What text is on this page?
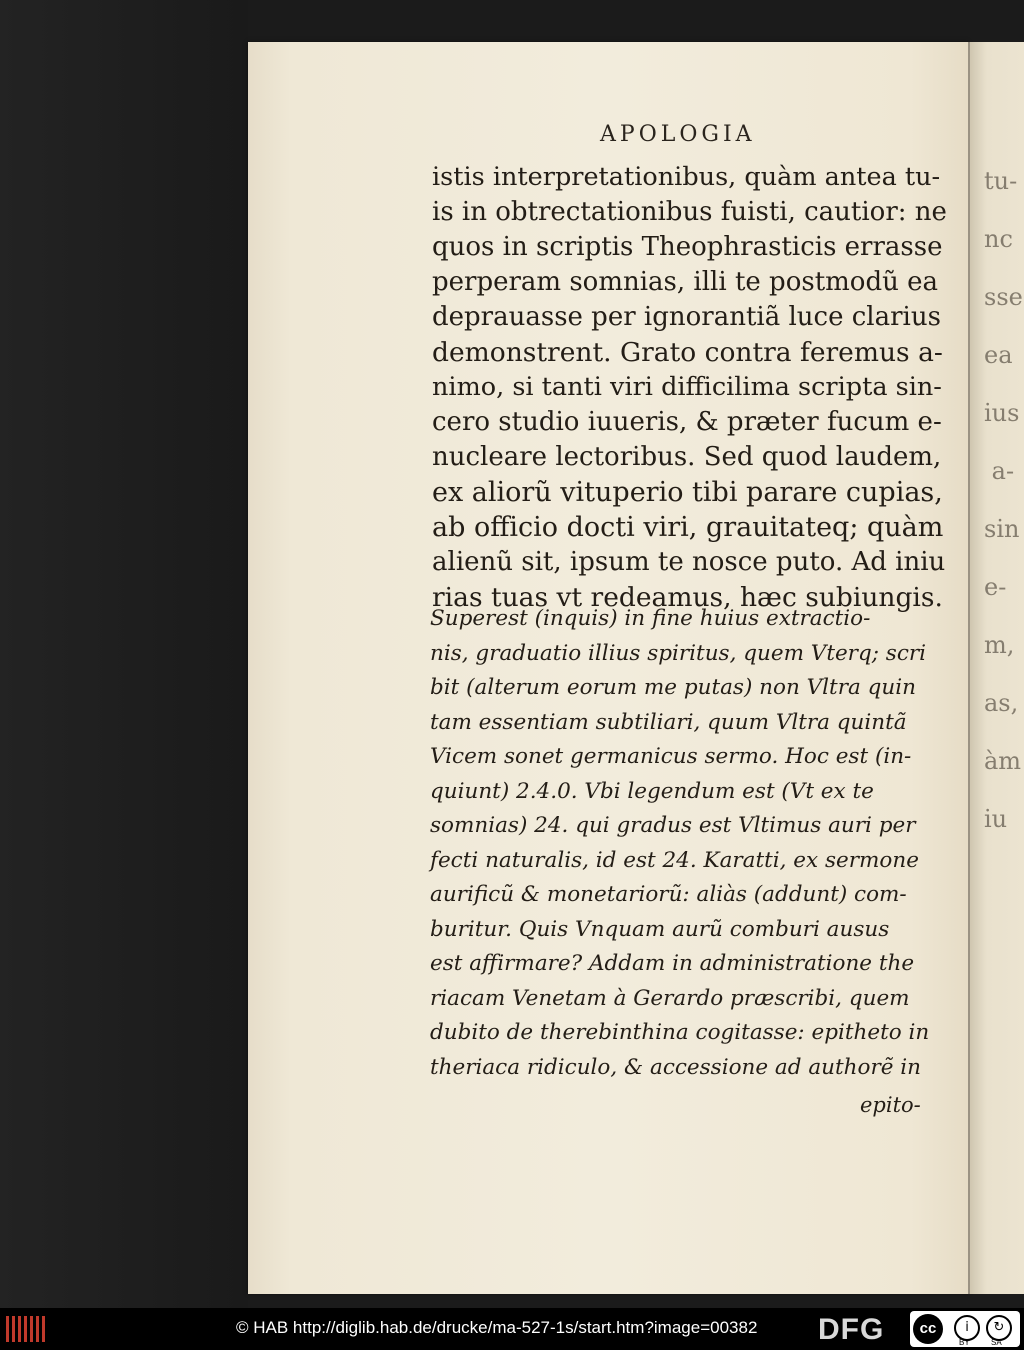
tu-
nc
sse
ea
ius
a-
sin
e-
m,
as,
àm
iu

APOLOGIA
istis interpretationibus, quàm antea tu-
is in obtrectationibus fuisti, cautior: ne
quos in scriptis Theophrasticis errasse
perperam somnias, illi te postmodũ ea
deprauasse per ignorantiã luce clarius
demonstrent. Grato contra feremus a-
nimo, si tanti viri difficilima scripta sin-
cero studio iuueris, & præter fucum e-
nucleare lectoribus. Sed quod laudem,
ex aliorũ vituperio tibi parare cupias,
ab officio docti viri, grauitateq; quàm
alienũ sit, ipsum te nosce puto. Ad iniu
rias tuas vt redeamus, hæc subiungis.
Superest (inquis) in fine huius extractio-
nis, graduatio illius spiritus, quem Vterq; scri
bit (alterum eorum me putas) non Vltra quin
tam essentiam subtiliari, quum Vltra quintã
Vicem sonet germanicus sermo. Hoc est (in-
quiunt) 2.4.0. Vbi legendum est (Vt ex te
somnias) 24. qui gradus est Vltimus auri per
fecti naturalis, id est 24. Karatti, ex sermone
aurificũ & monetariorũ: aliàs (addunt) com-
buritur. Quis Vnquam aurũ comburi ausus
est affirmare? Addam in administratione the
riacam Venetam à Gerardo præscribi, quem
dubito de therebinthina cogitasse: epitheto in
theriaca ridiculo, & accessione ad authorẽ in
epito-
© HAB http://diglib.hab.de/drucke/ma-527-1s/start.htm?image=00382 DFG	cc	i
BY
↻
SA
